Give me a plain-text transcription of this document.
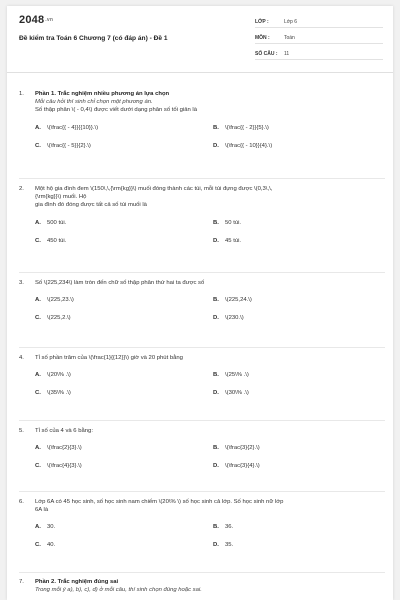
2048.vn
Đề kiểm tra Toán 6 Chương 7 (có đáp án) - Đề 1
LỚP :	Lớp 6
MÔN :	Toán
SỐ CÂU : 11
1.	Phần 1. Trắc nghiệm nhiều phương án lựa chọn
Mỗi câu hỏi thí sinh chỉ chọn một phương án.
Số thập phân \( - 0,4\) được viết dưới dạng phân số tối giản là
A. \(\frac{{ - 4}}{{10}}.\)	B. \(\frac{{ - 2}}{5}.\)
C. \(\frac{{ - 5}}{2}.\)	D. \(\frac{{ - 10}}{4}.\)
2.	Một hộ gia đình đem \(150\,\,{\rm{kg}}\) muối đóng thành các túi, mỗi túi đựng được \(0,3\,\,
{\rm{kg}}\) muối. Hộ
gia đình đó đóng được tất cả số túi muối là
A. 500 túi.	B. 50 túi.
C. 450 túi.	D. 45 túi.
3.	Số \(225,234\) làm tròn đến chữ số thập phân thứ hai ta được số
A. \(225,23.\)	B. \(225,24.\)
C. \(225,2.\)	D. \(230.\)
4.	Tỉ số phần trăm của \(\frac{1}{{12}}\) giờ và 20 phút bằng
A. \(20\% .\)	B. \(25\% .\)
C. \(35\% .\)	D. \(30\% .\)
5.	Tỉ số của 4 và 6 bằng:
A. \(\frac{2}{3}.\)	B. \(\frac{3}{2}.\)
C. \(\frac{4}{3}.\)	D. \(\frac{3}{4}.\)
6.	Lớp 6A có 45 học sinh, số học sinh nam chiếm \(20\% \) số học sinh cả lớp. Số học sinh nữ lớp
6A là
A. 30.	B. 36.
C. 40.	D. 35.
7.	Phần 2. Trắc nghiệm đúng sai
Trong mỗi ý a), b), c), d) ở mỗi câu, thí sinh chọn đúng hoặc sai.
